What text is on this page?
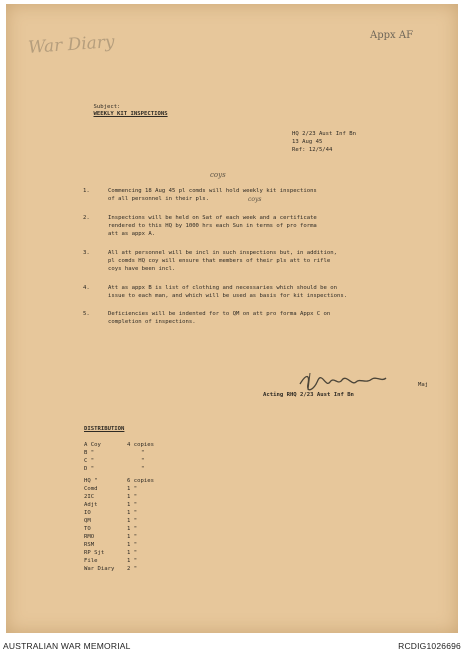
War Diary	Appx AF

Subject:
WEEKLY KIT INSPECTIONS

HQ 2/23 Aust Inf Bn
13 Aug 45
Ref: 12/5/44
coys
coys
1.	Commencing 18 Aug 45 pl comds will hold weekly kit inspections
of all personnel in their pls.
2.	Inspections will be held on Sat of each week and a certificate
rendered to this HQ by 1000 hrs each Sun in terms of pro forma
att as appx A.
3.	All att personnel will be incl in such inspections but, in addition,
pl comds HQ coy will ensure that members of their pls att to rifle
coys have been incl.
4.	Att as appx B is list of clothing and necessaries which should be on
issue to each man, and which will be used as basis for kit inspections.
5.	Deficiencies will be indented for to QM on att pro forma Appx C on
completion of inspections.
Maj
Acting RHQ 2/23 Aust Inf Bn
DISTRIBUTION
A Coy	4 copies
B "	"
C "	"
D "	"
HQ "	6 copies
Comd	1 "
2IC	1 "
Adjt	1 "
IO	1 "
QM	1 "
TO	1 "
RMO	1 "
RSM	1 "
RP Sjt	1 "
File	1 "
War Diary 2 "
AUSTRALIAN WAR MEMORIAL	RCDIG1026696
